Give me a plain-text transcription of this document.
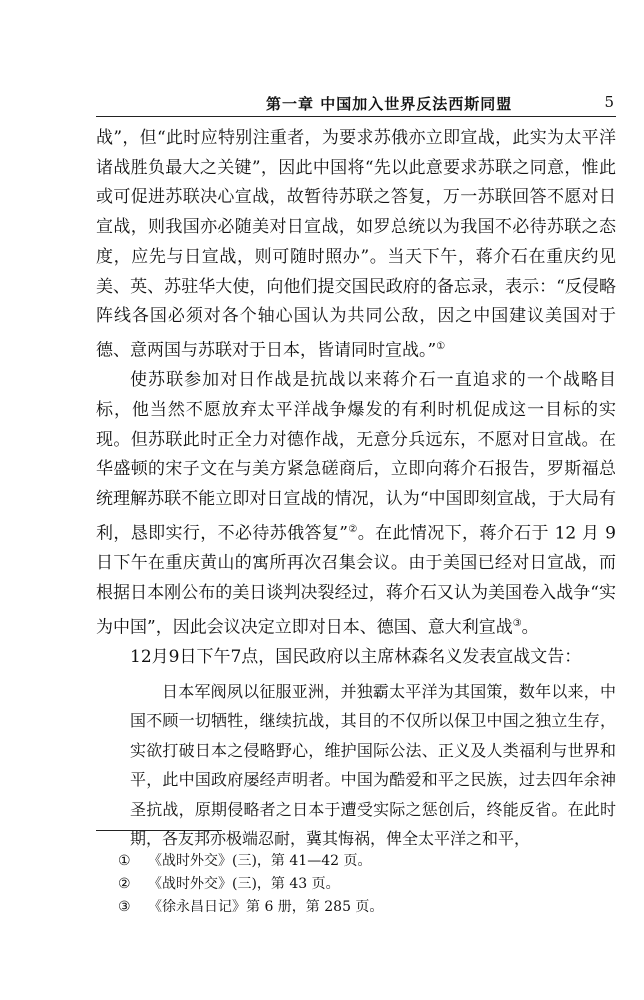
第一章 中国加入世界反法西斯同盟	5

战”，但“此时应特别注重者，为要求苏俄亦立即宣战，此实为太平洋诸战胜负最大之关键”，因此中国将“先以此意要求苏联之同意，惟此或可促进苏联决心宣战，故暂待苏联之答复，万一苏联回答不愿对日宣战，则我国亦必随美对日宣战，如罗总统以为我国不必待苏联之态度，应先与日宣战，则可随时照办”。当天下午，蒋介石在重庆约见美、英、苏驻华大使，向他们提交国民政府的备忘录，表示：“反侵略阵线各国必须对各个轴心国认为共同公敌，因之中国建议美国对于德、意两国与苏联对于日本，皆请同时宣战。”①

使苏联参加对日作战是抗战以来蒋介石一直追求的一个战略目标，他当然不愿放弃太平洋战争爆发的有利时机促成这一目标的实现。但苏联此时正全力对德作战，无意分兵远东，不愿对日宣战。在华盛顿的宋子文在与美方紧急磋商后，立即向蒋介石报告，罗斯福总统理解苏联不能立即对日宣战的情况，认为“中国即刻宣战，于大局有利，恳即实行，不必待苏俄答复”②。在此情况下，蒋介石于 12 月 9 日下午在重庆黄山的寓所再次召集会议。由于美国已经对日宣战，而根据日本刚公布的美日谈判决裂经过，蒋介石又认为美国卷入战争“实为中国”，因此会议决定立即对日本、德国、意大利宣战③。

12月9日下午7点，国民政府以主席林森名义发表宣战文告：

日本军阀夙以征服亚洲，并独霸太平洋为其国策，数年以来，中国不顾一切牺牲，继续抗战，其目的不仅所以保卫中国之独立生存，实欲打破日本之侵略野心，维护国际公法、正义及人类福利与世界和平，此中国政府屡经声明者。中国为酷爱和平之民族，过去四年余神圣抗战，原期侵略者之日本于遭受实际之惩创后，终能反省。在此时期，各友邦亦极端忍耐，冀其悔祸，俾全太平洋之和平，
① 《战时外交》(三)，第 41—42 页。
② 《战时外交》(三)，第 43 页。
③ 《徐永昌日记》第 6 册，第 285 页。
